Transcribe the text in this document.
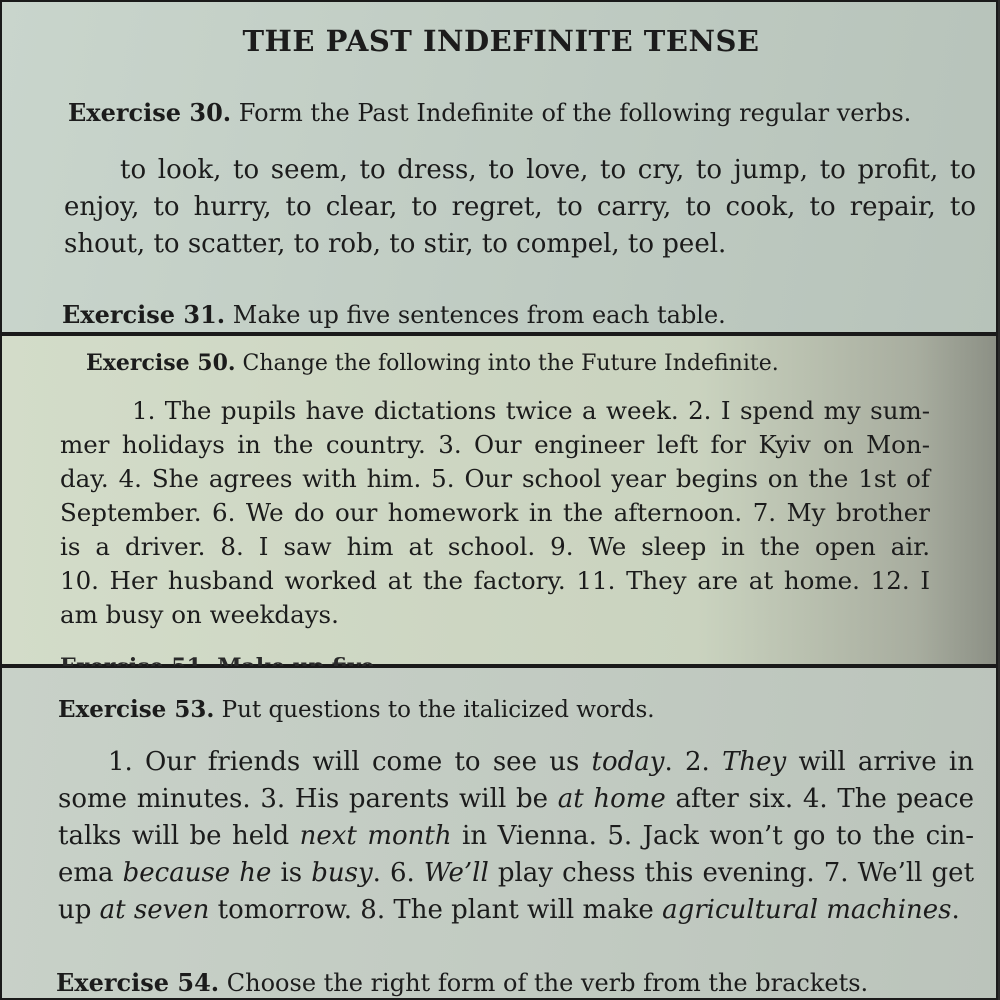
THE PAST INDEFINITE TENSE
Exercise 30. Form the Past Indefinite of the following regular verbs.
to look, to seem, to dress, to love, to cry, to jump, to profit, to
enjoy, to hurry, to clear, to regret, to carry, to cook, to repair, to
shout, to scatter, to rob, to stir, to compel, to peel.
Exercise 31. Make up five sentences from each table.
Exercise 50. Change the following into the Future Indefinite.
1. The pupils have dictations twice a week. 2. I spend my sum-
mer holidays in the country. 3. Our engineer left for Kyiv on Mon-
day. 4. She agrees with him. 5. Our school year begins on the 1st of
September. 6. We do our homework in the afternoon. 7. My brother
is a driver. 8. I saw him at school. 9. We sleep in the open air.
10. Her husband worked at the factory. 11. They are at home. 12. I
am busy on weekdays.
Exercise 53. Put questions to the italicized words.
1. Our friends will come to see us today. 2. They will arrive in
some minutes. 3. His parents will be at home after six. 4. The peace
talks will be held next month in Vienna. 5. Jack won’t go to the cin-
ema because he is busy. 6. We’ll play chess this evening. 7. We’ll get
up at seven tomorrow. 8. The plant will make agricultural machines.
Exercise 54. Choose the right form of the verb from the brackets.
